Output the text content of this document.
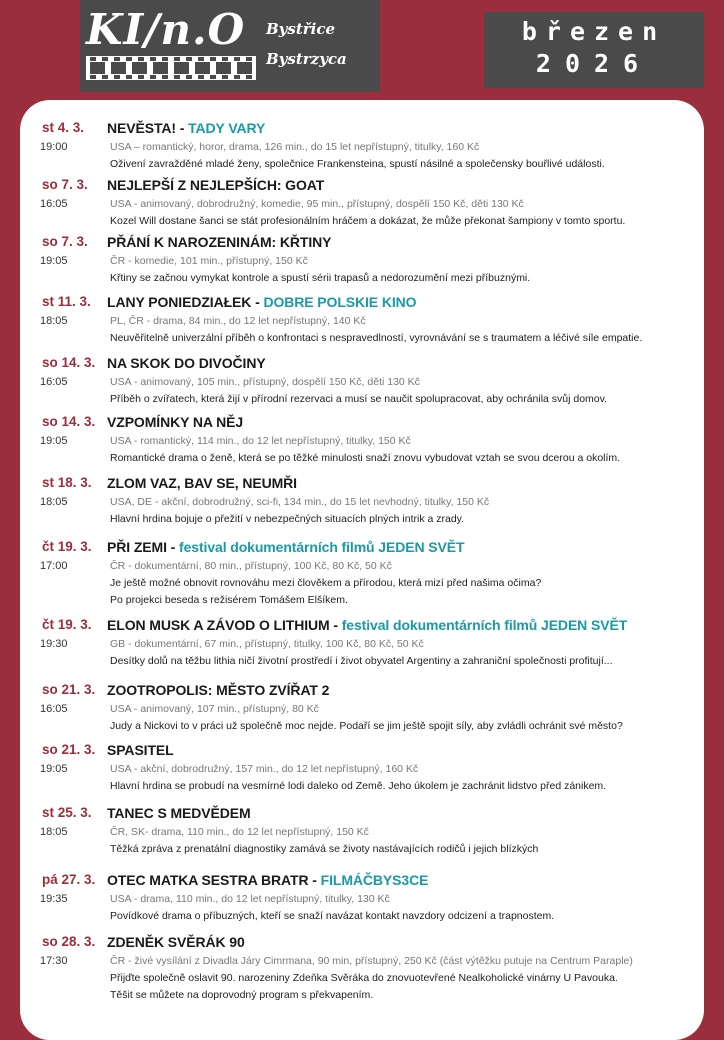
KI/n.O Bystřice
Bystrzyca
březen
2026
st 4. 3. NEVĚSTA! - TADY VARY
19:00	USA – romantický, horor, drama, 126 min., do 15 let nepřístupný, titulky, 160 Kč
Oživení zavražděné mladé ženy, společnice Frankensteina, spustí násilné a společensky bouřlivé události.
so 7. 3. NEJLEPŠÍ Z NEJLEPŠÍCH: GOAT
16:05	USA - animovaný, dobrodružný, komedie, 95 min., přístupný, dospělí 150 Kč, děti 130 Kč
Kozel Will dostane šanci se stát profesionálním hráčem a dokázat, že může překonat šampiony v tomto sportu.
so 7. 3. PŘÁNÍ K NAROZENINÁM: KŘTINY
19:05	ČR - komedie, 101 min., přístupný, 150 Kč
Křtiny se začnou vymykat kontrole a spustí sérii trapasů a nedorozumění mezi příbuznými.
st 11. 3. LANY PONIEDZIAŁEK - DOBRE POLSKIE KINO
18:05	PL, ČR - drama, 84 min., do 12 let nepřístupný, 140 Kč
Neuvěřitelně univerzální příběh o konfrontaci s nespravedlností, vyrovnávání se s traumatem a léčivé síle empatie.
so 14. 3. NA SKOK DO DIVOČINY
16:05	USA - animovaný, 105 min., přístupný, dospělí 150 Kč, děti 130 Kč
Příběh o zvířatech, která žijí v přírodní rezervaci a musí se naučit spolupracovat, aby ochránila svůj domov.
so 14. 3. VZPOMÍNKY NA NĚJ
19:05	USA - romantický, 114 min., do 12 let nepřístupný, titulky, 150 Kč
Romantické drama o ženě, která se po těžké minulosti snaží znovu vybudovat vztah se svou dcerou a okolím.
st 18. 3. ZLOM VAZ, BAV SE, NEUMŘI
18:05	USA, DE - akční, dobrodružný, sci-fi, 134 min., do 15 let nevhodný, titulky, 150 Kč
Hlavní hrdina bojuje o přežití v nebezpečných situacích plných intrik a zrady.
čt 19. 3. PŘI ZEMI - festival dokumentárních filmů JEDEN SVĚT
17:00	ČR - dokumentární, 80 min., přístupný, 100 Kč, 80 Kč, 50 Kč
Je ještě možné obnovit rovnováhu mezi člověkem a přírodou, která mizí před našima očima?
Po projekci beseda s režisérem Tomášem Elšíkem.
čt 19. 3. ELON MUSK A ZÁVOD O LITHIUM - festival dokumentárních filmů JEDEN SVĚT
19:30	GB - dokumentární, 67 min., přístupný, titulky, 100 Kč, 80 Kč, 50 Kč
Desítky dolů na těžbu lithia ničí životní prostředí i život obyvatel Argentiny a zahraniční společnosti profitují...
so 21. 3. ZOOTROPOLIS: MĚSTO ZVÍŘAT 2
16:05	USA - animovaný, 107 min., přístupný, 80 Kč
Judy a Nickovi to v práci už společně moc nejde. Podaří se jim ještě spojit síly, aby zvládli ochránit své město?
so 21. 3. SPASITEL
19:05	USA - akční, dobrodružný, 157 min., do 12 let nepřístupný, 160 Kč
Hlavní hrdina se probudí na vesmírné lodi daleko od Země. Jeho úkolem je zachránit lidstvo před zánikem.
st 25. 3. TANEC S MEDVĚDEM
18:05	ČR, SK- drama, 110 min., do 12 let nepřístupný, 150 Kč
Těžká zpráva z prenatální diagnostiky zamává se životy nastávajících rodičů i jejich blízkých
pá 27. 3. OTEC MATKA SESTRA BRATR - FILMÁČBYS3CE
19:35	USA - drama, 110 min., do 12 let nepřístupný, titulky, 130 Kč
Povídkové drama o příbuzných, kteří se snaží navázat kontakt navzdory odcizení a trapnostem.
so 28. 3. ZDENĚK SVĚRÁK 90
17:30	ČR - živé vysílání z Divadla Járy Cimrmana, 90 min, přístupný, 250 Kč (část výtěžku putuje na Centrum Paraple)
Přijďte společně oslavit 90. narozeniny Zdeňka Svěráka do znovuotevřené Nealkoholické vinárny U Pavouka.
Těšit se můžete na doprovodný program s překvapením.
